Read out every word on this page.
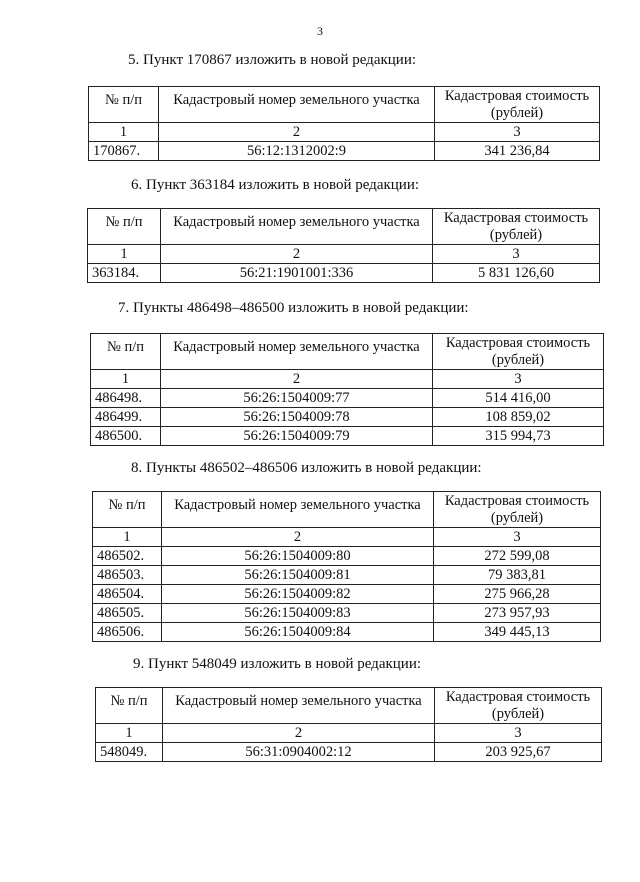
3
5. Пункт 170867 изложить в новой редакции:
№ п/п	Кадастровый номер земельного участка	Кадастровая стоимость
(рублей)

1	2	3
170867.	56:12:1312002:9	341 236,84
6. Пункт 363184 изложить в новой редакции:
№ п/п	Кадастровый номер земельного участка	Кадастровая стоимость
(рублей)

1	2	3
363184.	56:21:1901001:336	5 831 126,60
7. Пункты 486498–486500 изложить в новой редакции:
№ п/п	Кадастровый номер земельного участка	Кадастровая стоимость
(рублей)

1	2	3
486498.	56:26:1504009:77	514 416,00
486499.	56:26:1504009:78	108 859,02
486500.	56:26:1504009:79	315 994,73
8. Пункты 486502–486506 изложить в новой редакции:
№ п/п	Кадастровый номер земельного участка	Кадастровая стоимость
(рублей)

1	2	3
486502.	56:26:1504009:80	272 599,08
486503.	56:26:1504009:81	79 383,81
486504.	56:26:1504009:82	275 966,28
486505.	56:26:1504009:83	273 957,93
486506.	56:26:1504009:84	349 445,13
9. Пункт 548049 изложить в новой редакции:
№ п/п	Кадастровый номер земельного участка	Кадастровая стоимость
(рублей)

1	2	3
548049.	56:31:0904002:12	203 925,67
